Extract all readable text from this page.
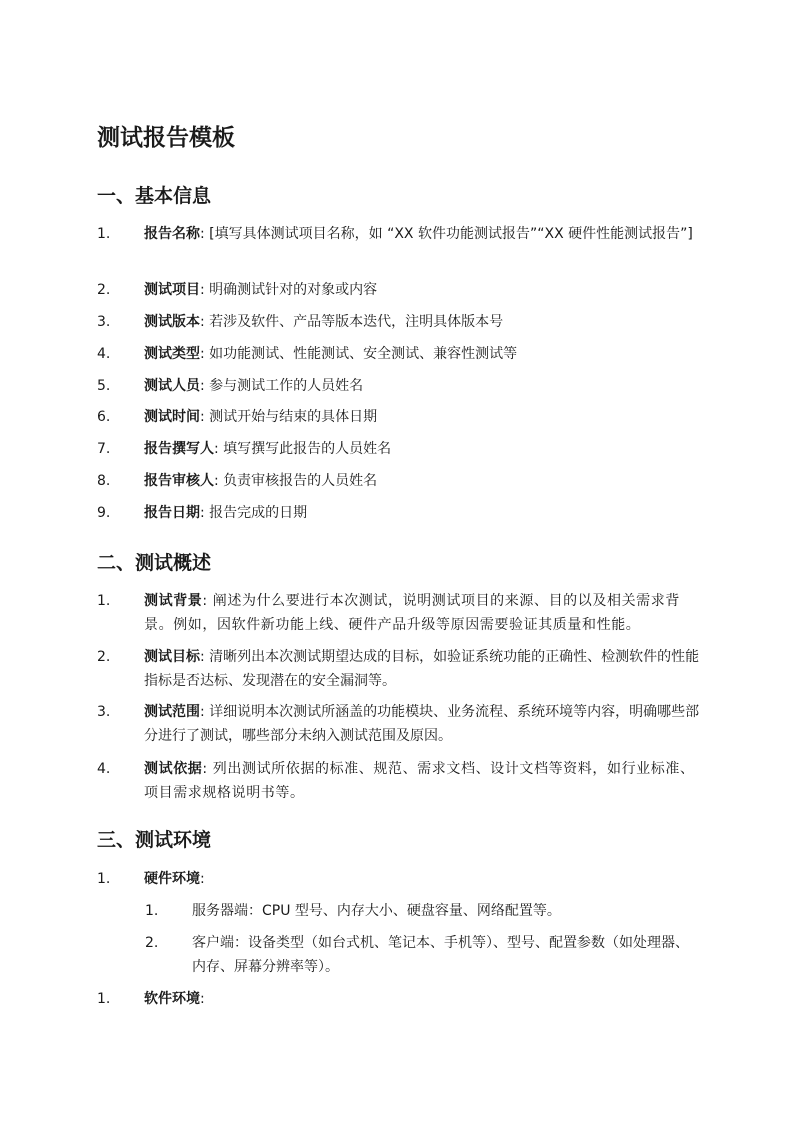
测试报告模板
一、基本信息
1. 报告名称: [填写具体测试项目名称，如 “XX 软件功能测试报告”“XX 硬件性能测试报告”]
2. 测试项目: 明确测试针对的对象或内容
3. 测试版本: 若涉及软件、产品等版本迭代，注明具体版本号
4. 测试类型: 如功能测试、性能测试、安全测试、兼容性测试等
5. 测试人员: 参与测试工作的人员姓名
6. 测试时间: 测试开始与结束的具体日期
7. 报告撰写人: 填写撰写此报告的人员姓名
8. 报告审核人: 负责审核报告的人员姓名
9. 报告日期: 报告完成的日期
二、测试概述
1. 测试背景: 阐述为什么要进行本次测试，说明测试项目的来源、目的以及相关需求背景。例如，因软件新功能上线、硬件产品升级等原因需要验证其质量和性能。
2. 测试目标: 清晰列出本次测试期望达成的目标，如验证系统功能的正确性、检测软件的性能指标是否达标、发现潜在的安全漏洞等。
3. 测试范围: 详细说明本次测试所涵盖的功能模块、业务流程、系统环境等内容，明确哪些部分进行了测试，哪些部分未纳入测试范围及原因。
4. 测试依据: 列出测试所依据的标准、规范、需求文档、设计文档等资料，如行业标准、项目需求规格说明书等。
三、测试环境
1. 硬件环境:
1. 服务器端：CPU 型号、内存大小、硬盘容量、网络配置等。
2. 客户端：设备类型（如台式机、笔记本、手机等）、型号、配置参数（如处理器、内存、屏幕分辨率等）。
1. 软件环境:
